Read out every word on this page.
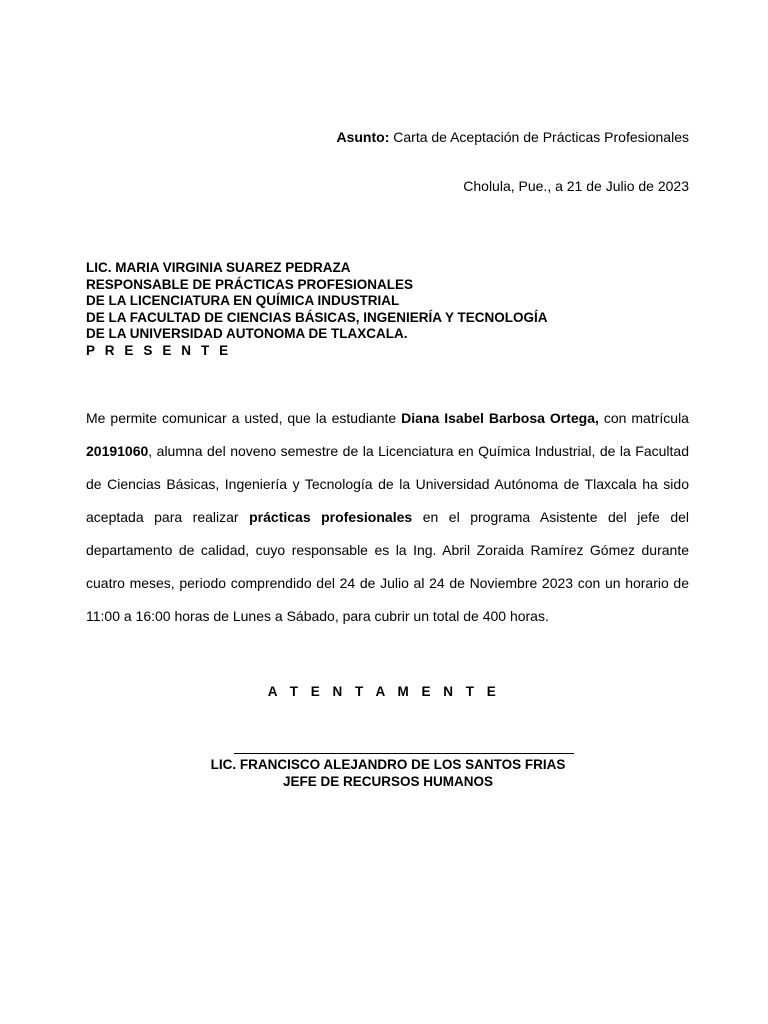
Asunto: Carta de Aceptación de Prácticas Profesionales
Cholula, Pue., a 21 de Julio de 2023
LIC. MARIA VIRGINIA SUAREZ PEDRAZA
RESPONSABLE DE PRÁCTICAS PROFESIONALES
DE LA LICENCIATURA EN QUÍMICA INDUSTRIAL
DE LA FACULTAD DE CIENCIAS BÁSICAS, INGENIERÍA Y TECNOLOGÍA
DE LA UNIVERSIDAD AUTONOMA DE TLAXCALA.
P R E S E N T E
Me permite comunicar a usted, que la estudiante Diana Isabel Barbosa Ortega, con matrícula 20191060, alumna del noveno semestre de la Licenciatura en Química Industrial, de la Facultad de Ciencias Básicas, Ingeniería y Tecnología de la Universidad Autónoma de Tlaxcala ha sido aceptada para realizar prácticas profesionales en el programa Asistente del jefe del departamento de calidad, cuyo responsable es la Ing. Abril Zoraida Ramírez Gómez durante cuatro meses, periodo comprendido del 24 de Julio al 24 de Noviembre 2023 con un horario de 11:00 a 16:00 horas de Lunes a Sábado, para cubrir un total de 400 horas.
A T E N T A M E N T E
LIC. FRANCISCO ALEJANDRO DE LOS SANTOS FRIAS
JEFE DE RECURSOS HUMANOS
